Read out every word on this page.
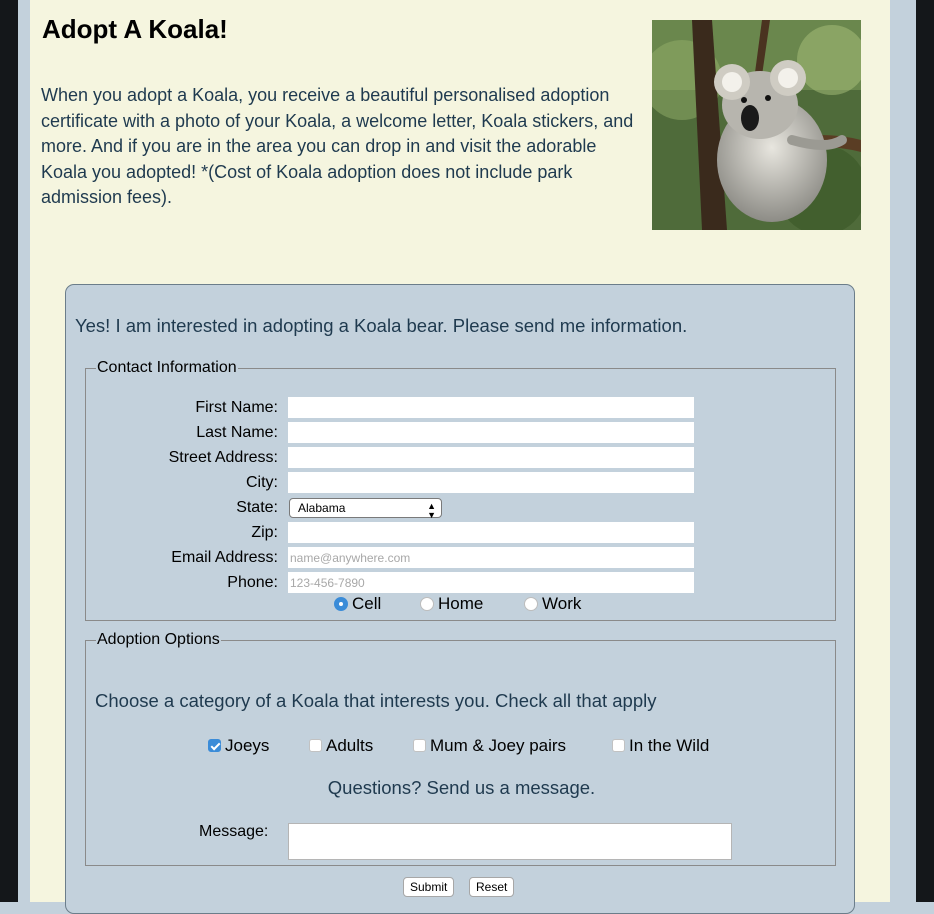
Adopt A Koala!

When you adopt a Koala, you receive a beautiful personalised adoption certificate with a photo of your Koala, a welcome letter, Koala stickers, and more. And if you are in the area you can drop in and visit the adorable Koala you adopted! *(Cost of Koala adoption does not include park admission fees).

Yes! I am interested in adopting a Koala bear. Please send me information.

Contact Information
First Name:
Last Name:
Street Address:
City:
State:	Alabama	▲
▼
Zip:
Email Address:
name@anywhere.com
Phone:
123-456-7890
Cell	Home	Work
Adoption Options

Choose a category of a Koala that interests you. Check all that apply

Joeys	Adults	Mum & Joey pairs	In the Wild

Questions? Send us a message.

Message:
Submit	Reset
